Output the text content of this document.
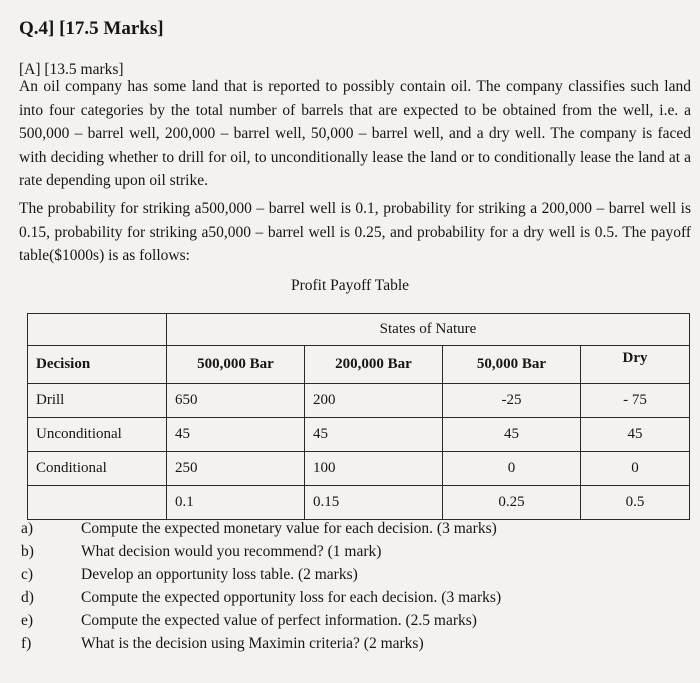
Q.4] [17.5 Marks]
[A] [13.5 marks]
An oil company has some land that is reported to possibly contain oil. The company classifies such land into four categories by the total number of barrels that are expected to be obtained from the well, i.e. a 500,000 – barrel well, 200,000 – barrel well, 50,000 – barrel well, and a dry well. The company is faced with deciding whether to drill for oil, to unconditionally lease the land or to conditionally lease the land at a rate depending upon oil strike.
The probability for striking a500,000 – barrel well is 0.1, probability for striking a 200,000 – barrel well is 0.15, probability for striking a50,000 – barrel well is 0.25, and probability for a dry well is 0.5. The payoff table($1000s) is as follows:
Profit Payoff Table
	States of Nature			
Decision	500,000 Bar	200,000 Bar	50,000 Bar	Dry
Drill	650	200	-25	- 75
Unconditional	45	45	45	45
Conditional	250	100	0	0
	0.1	0.15	0.25	0.5
a)	Compute the expected monetary value for each decision. (3 marks)
b)	What decision would you recommend? (1 mark)
c)	Develop an opportunity loss table. (2 marks)
d)	Compute the expected opportunity loss for each decision. (3 marks)
e)	Compute the expected value of perfect information. (2.5 marks)
f)	What is the decision using Maximin criteria? (2 marks)
